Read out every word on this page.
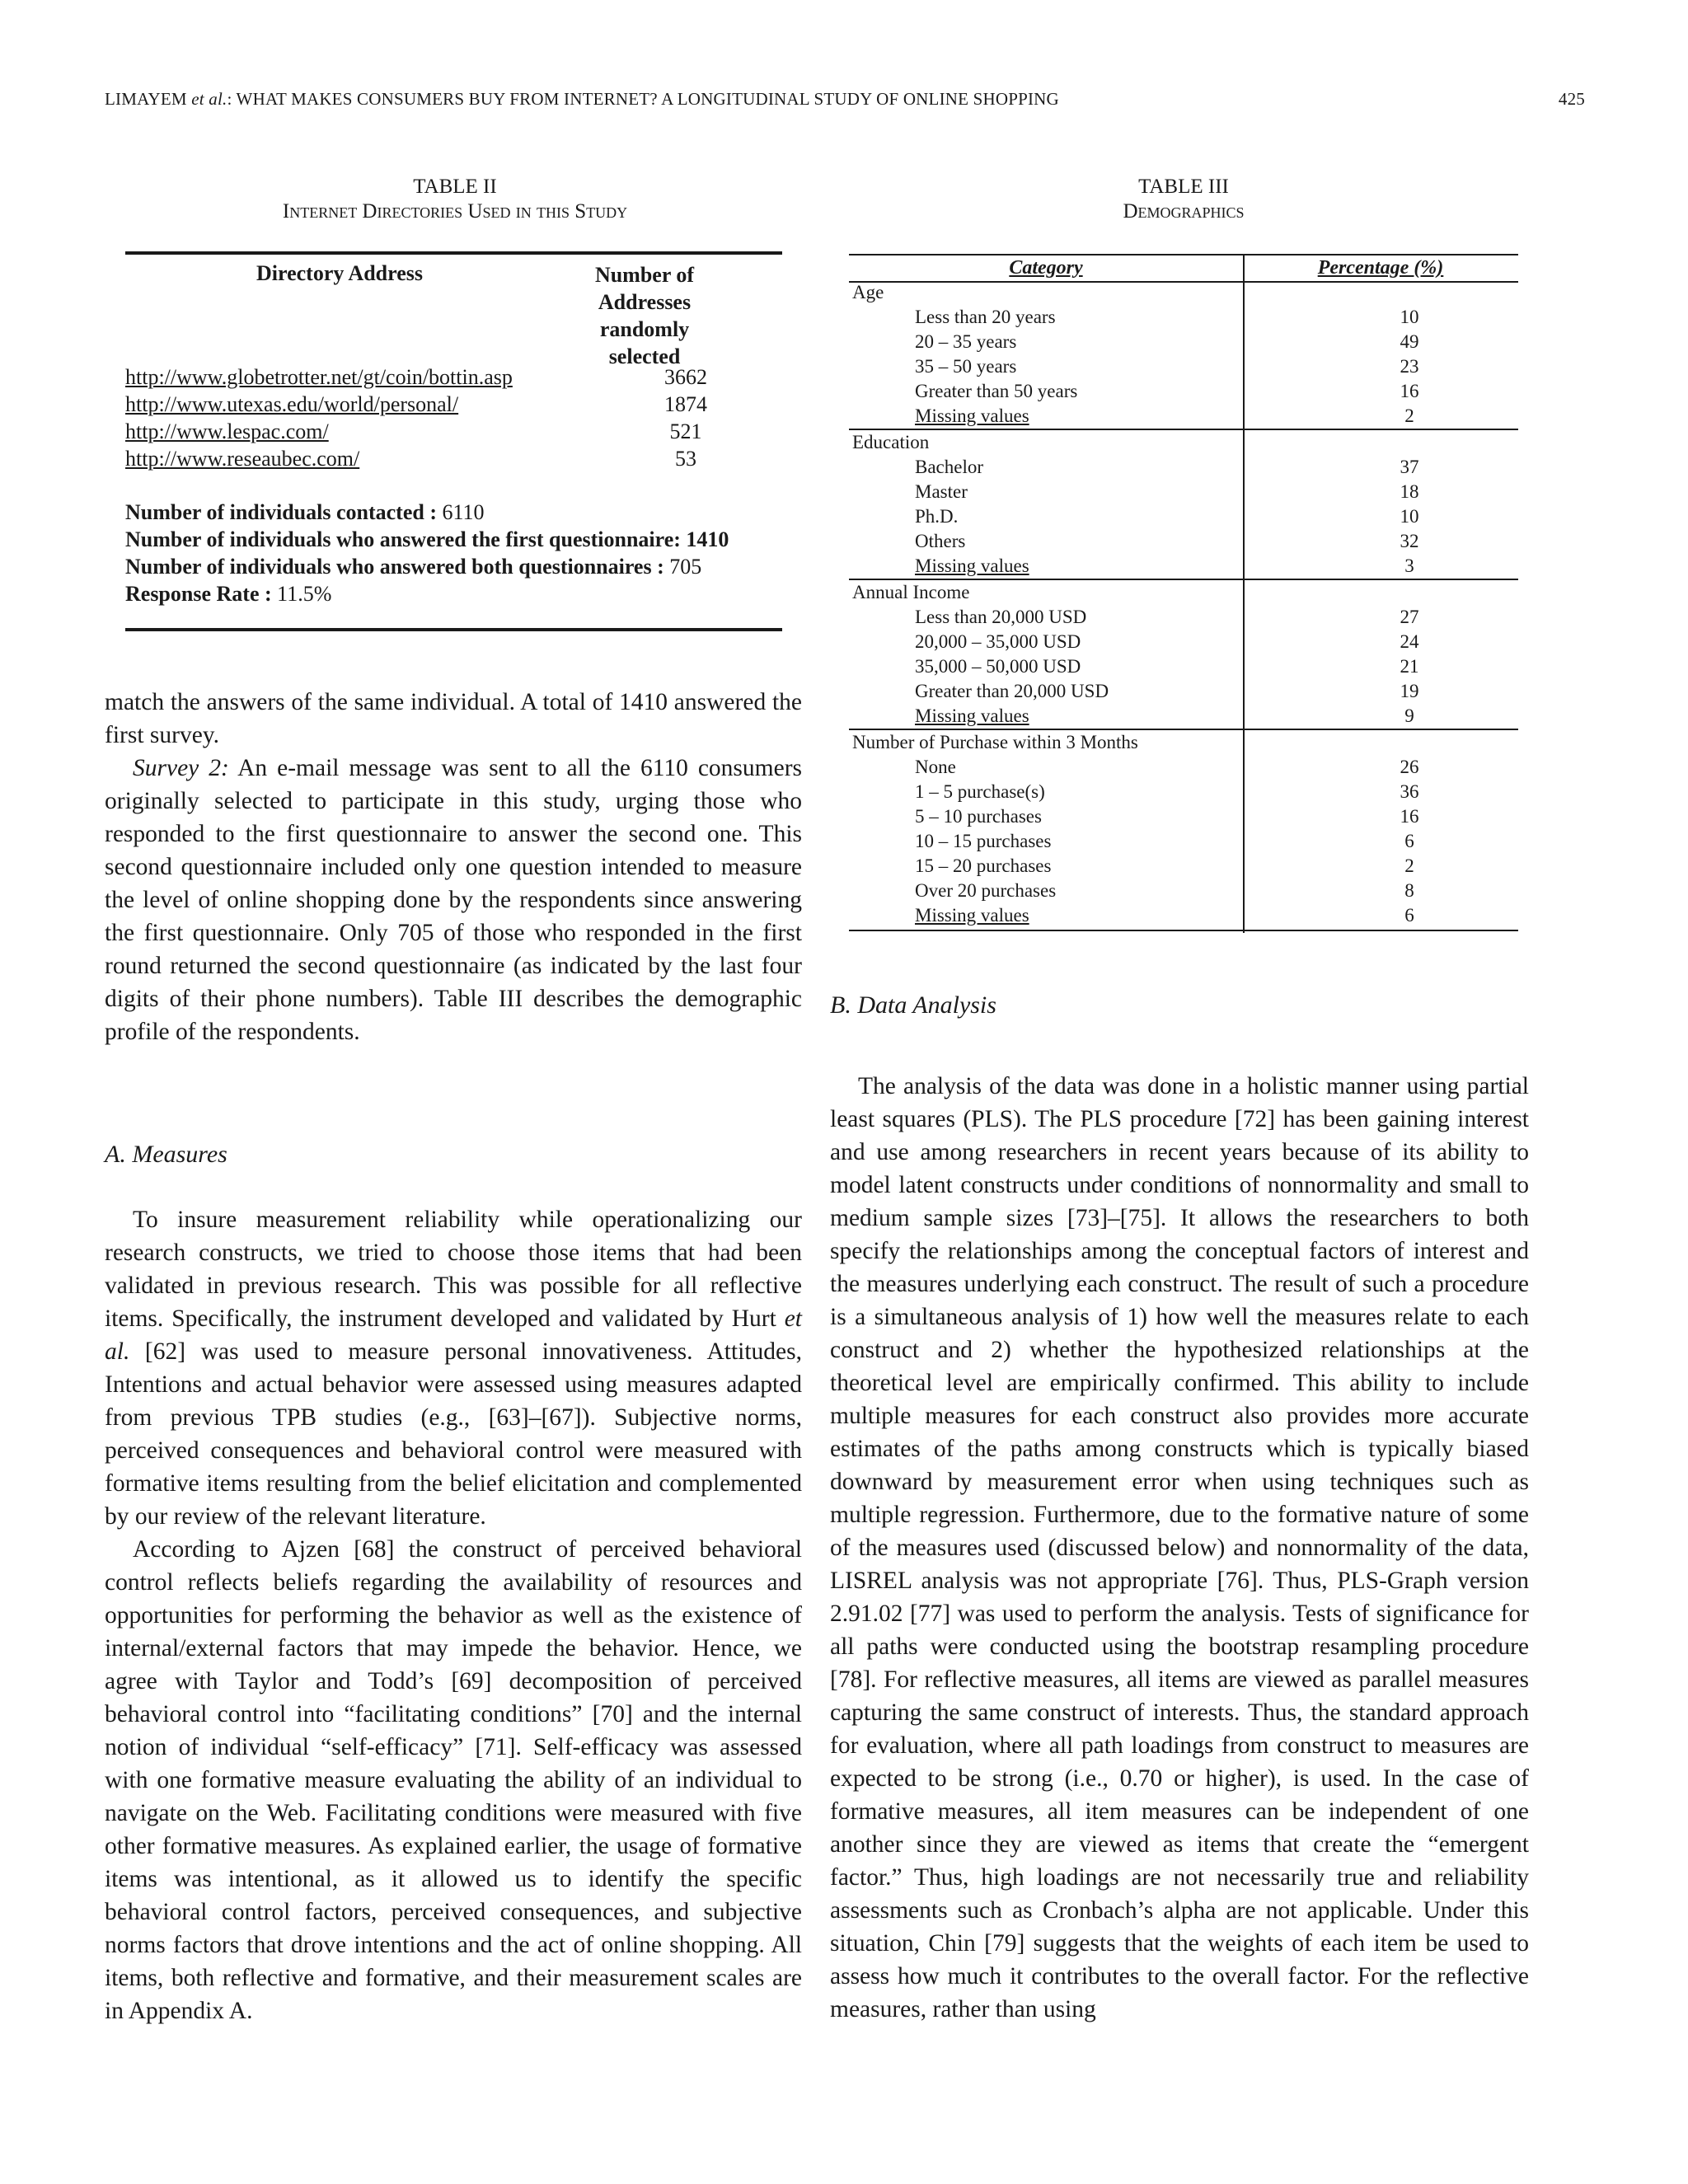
LIMAYEM et al.: WHAT MAKES CONSUMERS BUY FROM INTERNET? A LONGITUDINAL STUDY OF ONLINE SHOPPING	425
TABLE II
Internet Directories Used in this Study
Directory Address	Number of
Addresses
randomly
selected
http://www.globetrotter.net/gt/coin/bottin.asp	3662
http://www.utexas.edu/world/personal/	1874
http://www.lespac.com/	521
http://www.reseaubec.com/	53
Number of individuals contacted : 6110
Number of individuals who answered the first questionnaire: 1410
Number of individuals who answered both questionnaires : 705
Response Rate : 11.5%
TABLE III
Demographics
Category	Percentage (%)
Age
Less than 20 years	10
20 – 35 years	49
35 – 50 years	23
Greater than 50 years	16
Missing values	2
Education
Bachelor	37
Master	18
Ph.D.	10
Others	32
Missing values	3
Annual Income
Less than 20,000 USD	27
20,000 – 35,000 USD	24
35,000 – 50,000 USD	21
Greater than 20,000 USD	19
Missing values	9
Number of Purchase within 3 Months
None	26
1 – 5 purchase(s)	36
5 – 10 purchases	16
10 – 15 purchases	6
15 – 20 purchases	2
Over 20 purchases	8
Missing values	6

match the answers of the same individual. A total of 1410 answered the first survey.

Survey 2: An e-mail message was sent to all the 6110 consumers originally selected to participate in this study, urging those who responded to the first questionnaire to answer the second one. This second questionnaire included only one question intended to measure the level of online shopping done by the respondents since answering the first questionnaire. Only 705 of those who responded in the first round returned the second questionnaire (as indicated by the last four digits of their phone numbers). Table III describes the demographic profile of the respondents.

A. Measures

To insure measurement reliability while operationalizing our research constructs, we tried to choose those items that had been validated in previous research. This was possible for all reflective items. Specifically, the instrument developed and validated by Hurt et al. [62] was used to measure personal innovativeness. Attitudes, Intentions and actual behavior were assessed using measures adapted from previous TPB studies (e.g., [63]–[67]). Subjective norms, perceived consequences and behavioral control were measured with formative items resulting from the belief elicitation and complemented by our review of the relevant literature.

According to Ajzen [68] the construct of perceived behavioral control reflects beliefs regarding the availability of resources and opportunities for performing the behavior as well as the existence of internal/external factors that may impede the behavior. Hence, we agree with Taylor and Todd’s [69] decomposition of perceived behavioral control into “facilitating conditions” [70] and the internal notion of individual “self-efficacy” [71]. Self-efficacy was assessed with one formative measure evaluating the ability of an individual to navigate on the Web. Facilitating conditions were measured with five other formative measures. As explained earlier, the usage of formative items was intentional, as it allowed us to identify the specific behavioral control factors, perceived consequences, and subjective norms factors that drove intentions and the act of online shopping. All items, both reflective and formative, and their measurement scales are in Appendix A.

B. Data Analysis

The analysis of the data was done in a holistic manner using partial least squares (PLS). The PLS procedure [72] has been gaining interest and use among researchers in recent years because of its ability to model latent constructs under conditions of nonnormality and small to medium sample sizes [73]–[75]. It allows the researchers to both specify the relationships among the conceptual factors of interest and the measures underlying each construct. The result of such a procedure is a simultaneous analysis of 1) how well the measures relate to each construct and 2) whether the hypothesized relationships at the theoretical level are empirically confirmed. This ability to include multiple measures for each construct also provides more accurate estimates of the paths among constructs which is typically biased downward by measurement error when using techniques such as multiple regression. Furthermore, due to the formative nature of some of the measures used (discussed below) and nonnormality of the data, LISREL analysis was not appropriate [76]. Thus, PLS-Graph version 2.91.02 [77] was used to perform the analysis. Tests of significance for all paths were conducted using the bootstrap resampling procedure [78]. For reflective measures, all items are viewed as parallel measures capturing the same construct of interests. Thus, the standard approach for evaluation, where all path loadings from construct to measures are expected to be strong (i.e., 0.70 or higher), is used. In the case of formative measures, all item measures can be independent of one another since they are viewed as items that create the “emergent factor.” Thus, high loadings are not necessarily true and reliability assessments such as Cronbach’s alpha are not applicable. Under this situation, Chin [79] suggests that the weights of each item be used to assess how much it contributes to the overall factor. For the reflective measures, rather than using
